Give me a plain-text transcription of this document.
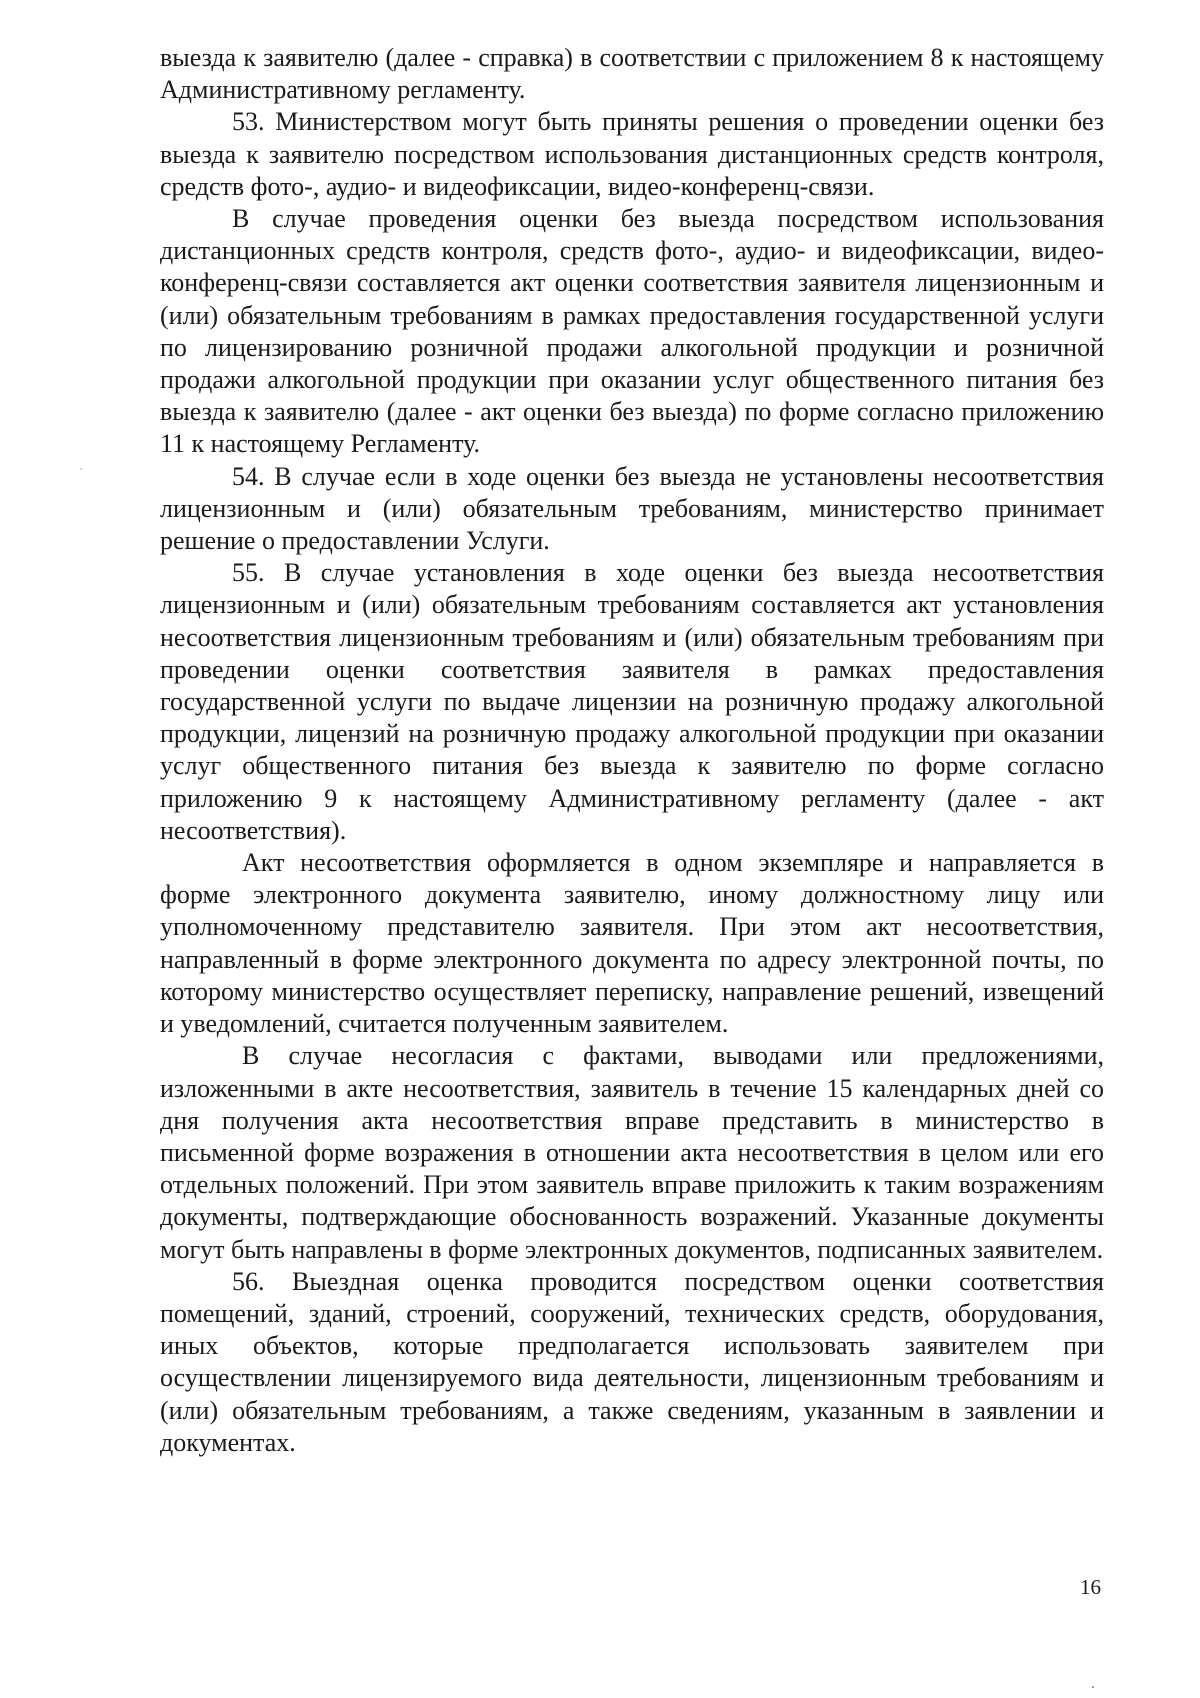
выезда к заявителю (далее - справка) в соответствии с приложением 8 к настоящему Административному регламенту.

53. Министерством могут быть приняты решения о проведении оценки без выезда к заявителю посредством использования дистанционных средств контроля, средств фото-, аудио- и видеофиксации, видео-конференц-связи.

В случае проведения оценки без выезда посредством использования дистанционных средств контроля, средств фото-, аудио- и видеофиксации, видео-конференц-связи составляется акт оценки соответствия заявителя лицензионным и (или) обязательным требованиям в рамках предоставления государственной услуги по лицензированию розничной продажи алкогольной продукции и розничной продажи алкогольной продукции при оказании услуг общественного питания без выезда к заявителю (далее - акт оценки без выезда) по форме согласно приложению 11 к настоящему Регламенту.

54. В случае если в ходе оценки без выезда не установлены несоответствия лицензионным и (или) обязательным требованиям, министерство принимает решение о предоставлении Услуги.

55. В случае установления в ходе оценки без выезда несоответствия лицензионным и (или) обязательным требованиям составляется акт установления несоответствия лицензионным требованиям и (или) обязательным требованиям при проведении оценки соответствия заявителя в рамках предоставления государственной услуги по выдаче лицензии на розничную продажу алкогольной продукции, лицензий на розничную продажу алкогольной продукции при оказании услуг общественного питания без выезда к заявителю по форме согласно приложению 9 к настоящему Административному регламенту (далее - акт несоответствия).

Акт несоответствия оформляется в одном экземпляре и направляется в форме электронного документа заявителю, иному должностному лицу или уполномоченному представителю заявителя. При этом акт несоответствия, направленный в форме электронного документа по адресу электронной почты, по которому министерство осуществляет переписку, направление решений, извещений и уведомлений, считается полученным заявителем.

В случае несогласия с фактами, выводами или предложениями, изложенными в акте несоответствия, заявитель в течение 15 календарных дней со дня получения акта несоответствия вправе представить в министерство в письменной форме возражения в отношении акта несоответствия в целом или его отдельных положений. При этом заявитель вправе приложить к таким возражениям документы, подтверждающие обоснованность возражений. Указанные документы могут быть направлены в форме электронных документов, подписанных заявителем.

56. Выездная оценка проводится посредством оценки соответствия помещений, зданий, строений, сооружений, технических средств, оборудования, иных объектов, которые предполагается использовать заявителем при осуществлении лицензируемого вида деятельности, лицензионным требованиям и (или) обязательным требованиям, а также сведениям, указанным в заявлении и документах.

16
